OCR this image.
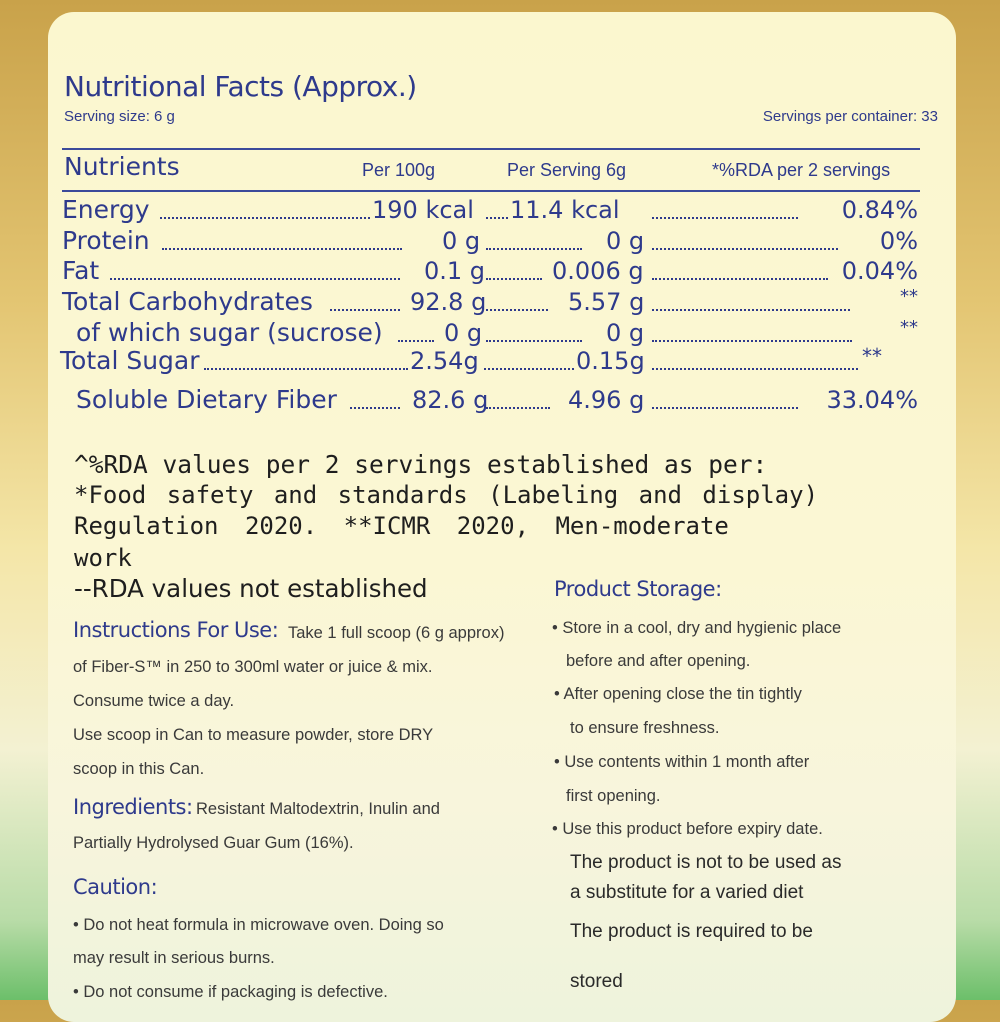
Nutritional Facts (Approx.)
Serving size: 6 g	Servings per container: 33
Nutrients	Per 100g	Per Serving 6g	*%RDA per 2 servings
Energy	190 kcal 11.4 kcal	0.84%
Protein	0 g	0 g	0%
Fat	0.1 g	0.006 g	0.04%
Total Carbohydrates	92.8 g	5.57 g	**
of which sugar (sucrose)	0 g	0 g	**
Total Sugar	2.54g	0.15g	**
Soluble Dietary Fiber	82.6 g	4.96 g	33.04%
^%RDA values per 2 servings established as per:
*Food safety and standards (Labeling and display)
Regulation 2020. **ICMR 2020, Men-moderate
work
--RDA values not established
Instructions For Use: Take 1 full scoop (6 g approx)
of Fiber-S™ in 250 to 300ml water or juice & mix.
Consume twice a day.
Use scoop in Can to measure powder, store DRY
scoop in this Can.
Ingredients: Resistant Maltodextrin, Inulin and
Partially Hydrolysed Guar Gum (16%).
Caution:
• Do not heat formula in microwave oven. Doing so
may result in serious burns.
• Do not consume if packaging is defective.
Product Storage:
• Store in a cool, dry and hygienic place
before and after opening.
• After opening close the tin tightly
to ensure freshness.
• Use contents within 1 month after
first opening.
• Use this product before expiry date.
The product is not to be used as
a substitute for a varied diet
The product is required to be
stored
